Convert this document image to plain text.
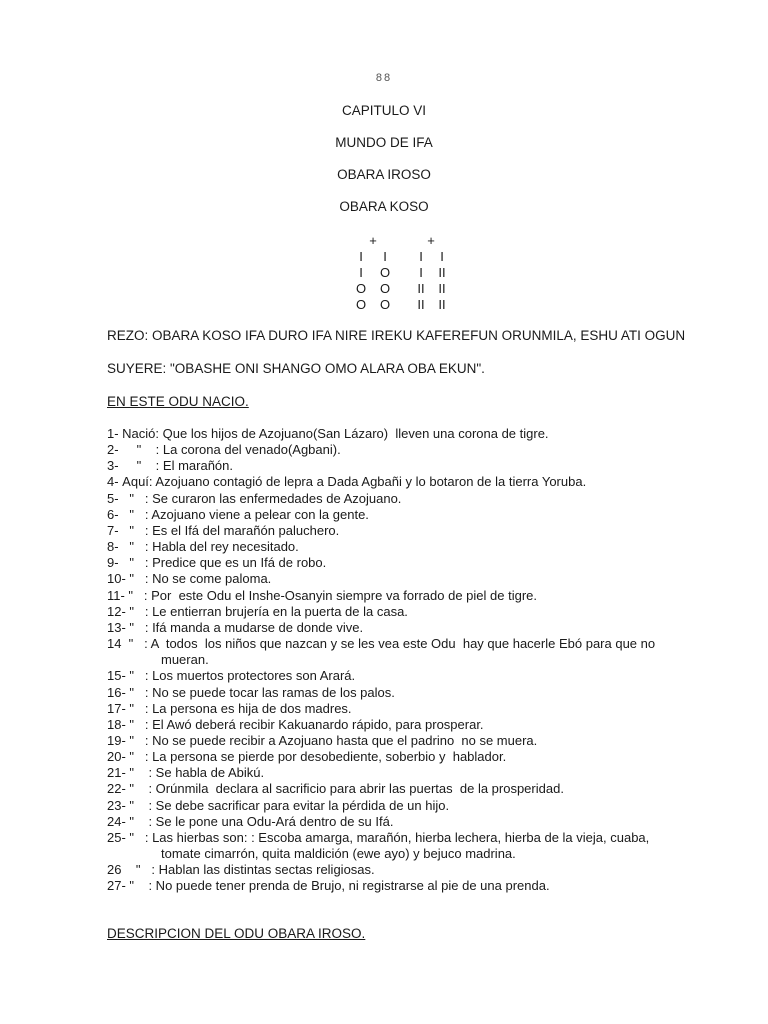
88
CAPITULO VI
MUNDO DE IFA
OBARA IROSO
OBARA KOSO
+	+
I	I	I	I
I	O	I	II
O O II II
O O II II
REZO: OBARA KOSO IFA DURO IFA NIRE IREKU KAFEREFUN ORUNMILA, ESHU ATI OGUN
SUYERE: "OBASHE ONI SHANGO OMO ALARA OBA EKUN".
EN ESTE ODU NACIO.
1- Nació: Que los hijos de Azojuano(San Lázaro)  lleven una corona de tigre.
2-     "    : La corona del venado(Agbani).
3-     "    : El marañón.
4- Aquí: Azojuano contagió de lepra a Dada Agbañi y lo botaron de la tierra Yoruba.
5-   "   : Se curaron las enfermedades de Azojuano.
6-   "   : Azojuano viene a pelear con la gente.
7-   "   : Es el Ifá del marañón paluchero.
8-   "   : Habla del rey necesitado.
9-   "   : Predice que es un Ifá de robo.
10- "   : No se come paloma.
11- "   : Por  este Odu el Inshe-Osanyin siempre va forrado de piel de tigre.
12- "   : Le entierran brujería en la puerta de la casa.
13- "   : Ifá manda a mudarse de donde vive.
14  "   : A  todos  los niños que nazcan y se les vea este Odu  hay que hacerle Ebó para que no
mueran.
15- "   : Los muertos protectores son Arará.
16- "   : No se puede tocar las ramas de los palos.
17- "   : La persona es hija de dos madres.
18- "   : El Awó deberá recibir Kakuanardo rápido, para prosperar.
19- "   : No se puede recibir a Azojuano hasta que el padrino  no se muera.
20- "   : La persona se pierde por desobediente, soberbio y  hablador.
21- "    : Se habla de Abikú.
22- "    : Orúnmila  declara al sacrificio para abrir las puertas  de la prosperidad.
23- "    : Se debe sacrificar para evitar la pérdida de un hijo.
24- "    : Se le pone una Odu-Ará dentro de su Ifá.
25- "   : Las hierbas son: : Escoba amarga, marañón, hierba lechera, hierba de la vieja, cuaba,
tomate cimarrón, quita maldición (ewe ayo) y bejuco madrina.
26    "   : Hablan las distintas sectas religiosas.
27- "    : No puede tener prenda de Brujo, ni registrarse al pie de una prenda.
DESCRIPCION DEL ODU OBARA IROSO.
